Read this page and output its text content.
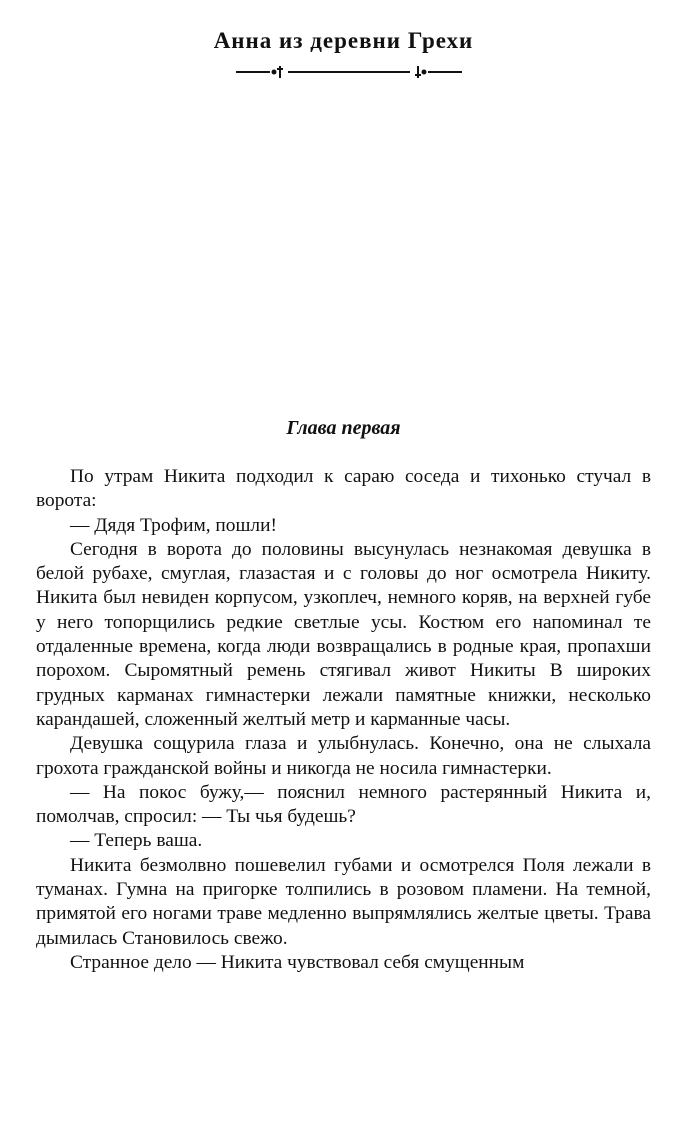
Анна из деревни Грехи
Глава первая

По утрам Никита подходил к сараю соседа и тихонько стучал в ворота:

— Дядя Трофим, пошли!

Сегодня в ворота до половины высунулась незнакомая девушка в белой рубахе, смуглая, глазастая и с головы до ног осмотрела Никиту. Никита был невиден корпусом, узкоплеч, немного коряв, на верхней губе у него топорщились редкие светлые усы. Костюм его напоминал те отдаленные времена, когда люди возвращались в родные края, пропахши порохом. Сыромятный ремень стягивал живот Никиты В широких грудных карманах гимнастерки лежали памятные книжки, несколько карандашей, сложенный желтый метр и карманные часы.

Девушка сощурила глаза и улыбнулась. Конечно, она не слыхала грохота гражданской войны и никогда не носила гимнастерки.

— На покос бужу,— пояснил немного растерянный Никита и, помолчав, спросил: — Ты чья будешь?

— Теперь ваша.

Никита безмолвно пошевелил губами и осмотрелся Поля лежали в туманах. Гумна на пригорке толпились в розовом пламени. На темной, примятой его ногами траве медленно выпрямлялись желтые цветы. Трава дымилась Становилось свежо.

Странное дело — Никита чувствовал себя смущенным
